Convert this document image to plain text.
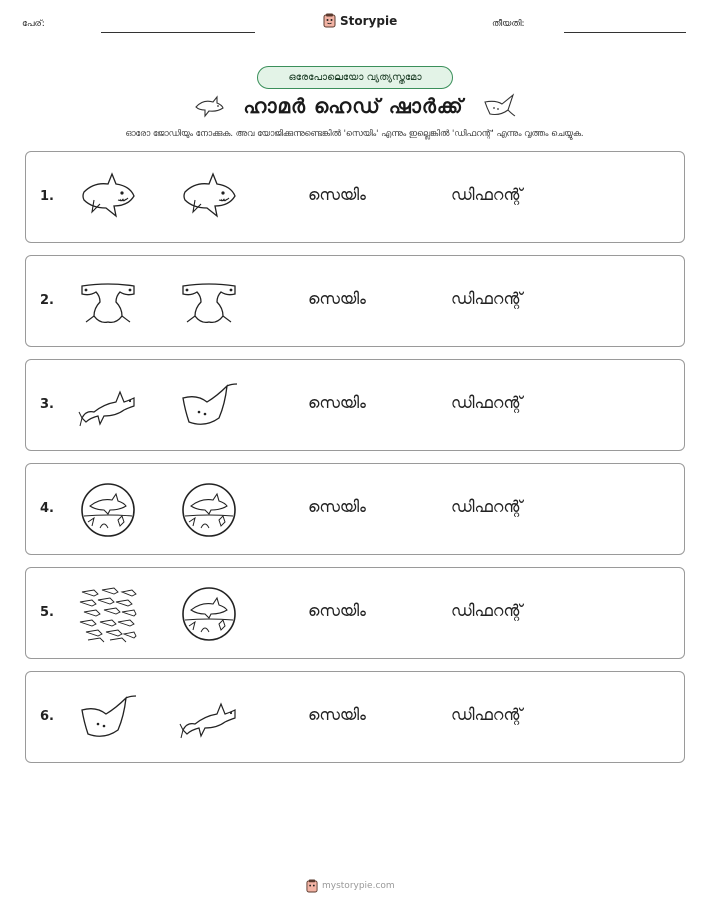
പേര്:	Storypie	തീയതി:
ഒരേപോലെയോ വ്യത്യസ്തമോ
ഹാമർ ഹെഡ് ഷാർക്ക്
ഓരോ ജോഡിയും നോക്കുക. അവ യോജിക്കുന്നുണ്ടെങ്കിൽ 'സെയിം' എന്നും ഇല്ലെങ്കിൽ 'ഡിഫറന്റ്' എന്നും വൃത്തം ചെയ്യുക.
1.	സെയിം	ഡിഫറന്റ്
2.	സെയിം	ഡിഫറന്റ്
3.	സെയിം	ഡിഫറന്റ്
4.	സെയിം	ഡിഫറന്റ്
5.	സെയിം	ഡിഫറന്റ്
6.	സെയിം	ഡിഫറന്റ്
mystorypie.com
